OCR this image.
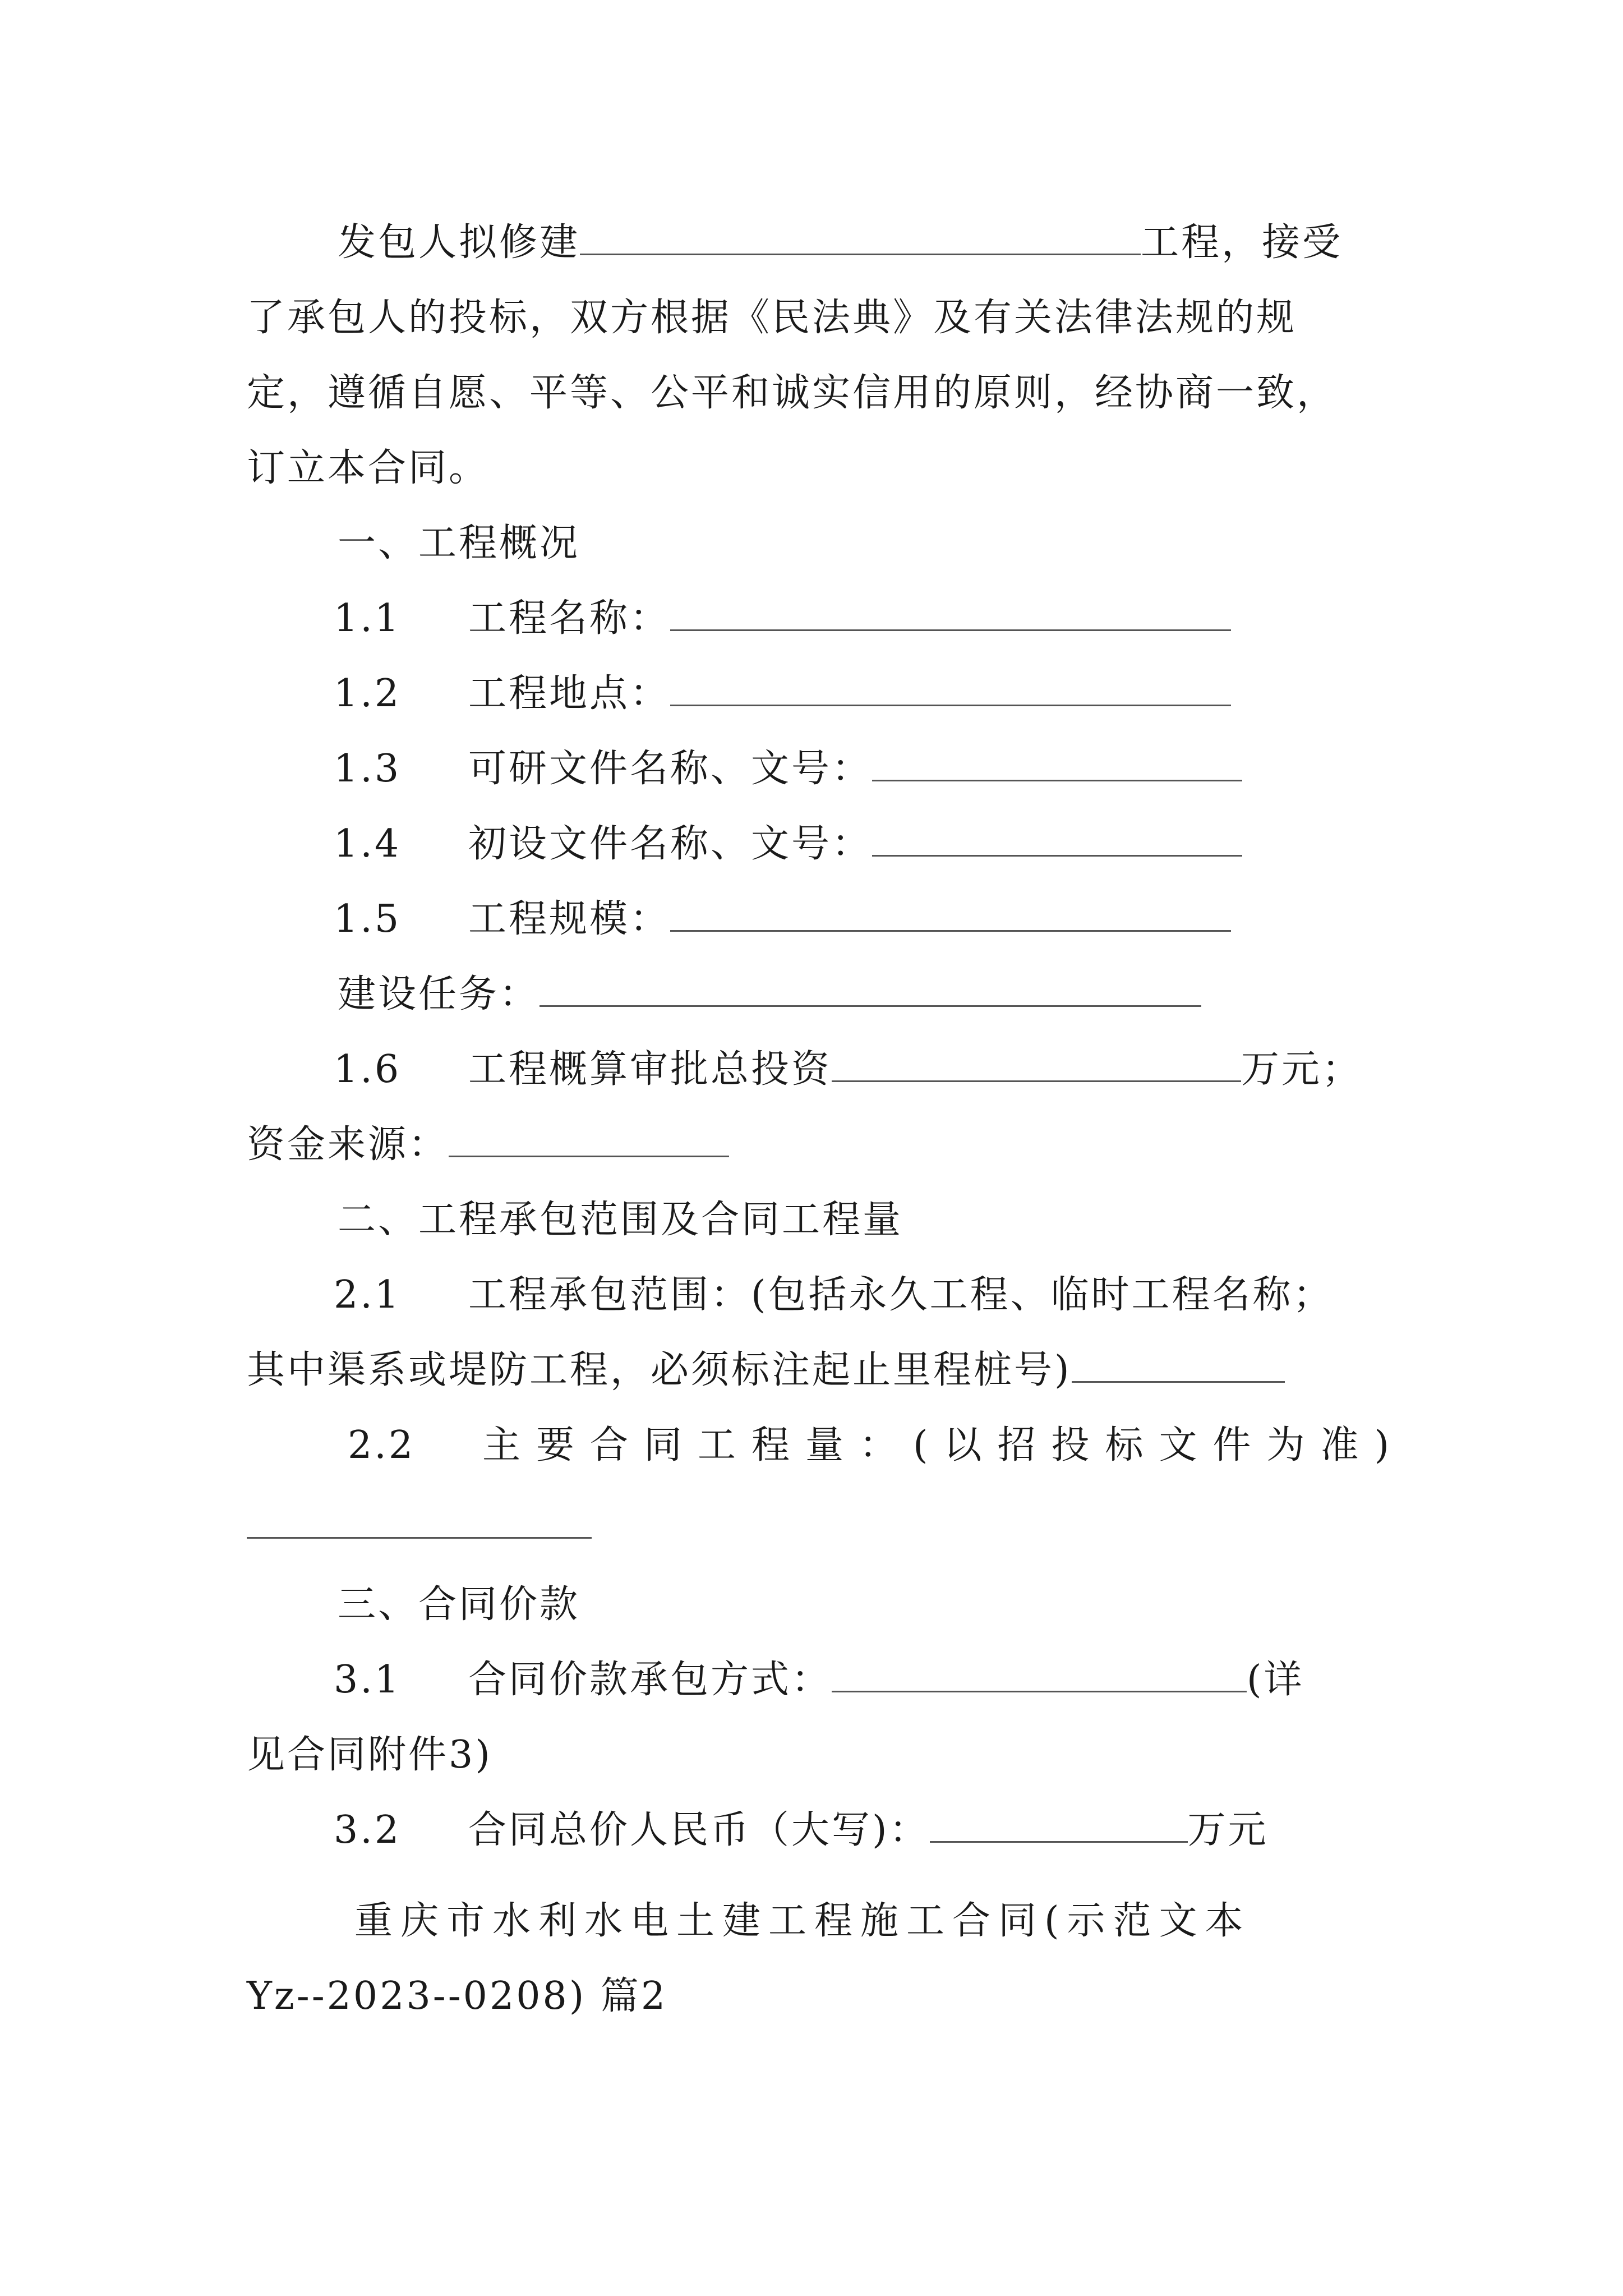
发包人拟修建	工程，接受
了承包人的投标，双方根据《民法典》及有关法律法规的规
定，遵循自愿、平等、公平和诚实信用的原则，经协商一致，
订立本合同。
一、工程概况
1.1 工程名称：
1.2 工程地点：
1.3 可研文件名称、文号：
1.4 初设文件名称、文号：
1.5 工程规模：
建设任务：
1.6 工程概算审批总投资	万元；
资金来源：
二、工程承包范围及合同工程量
2.1 工程承包范围：(包括永久工程、临时工程名称；
其中渠系或堤防工程，必须标注起止里程桩号)
2.2 主要合同工程量：(以招投标文件为准)
三、合同价款
3.1 合同价款承包方式：	(详
见合同附件3)
3.2 合同总价人民币（大写)：	万元
重庆市水利水电土建工程施工合同(示范文本
Yz--2023--0208) 篇2
